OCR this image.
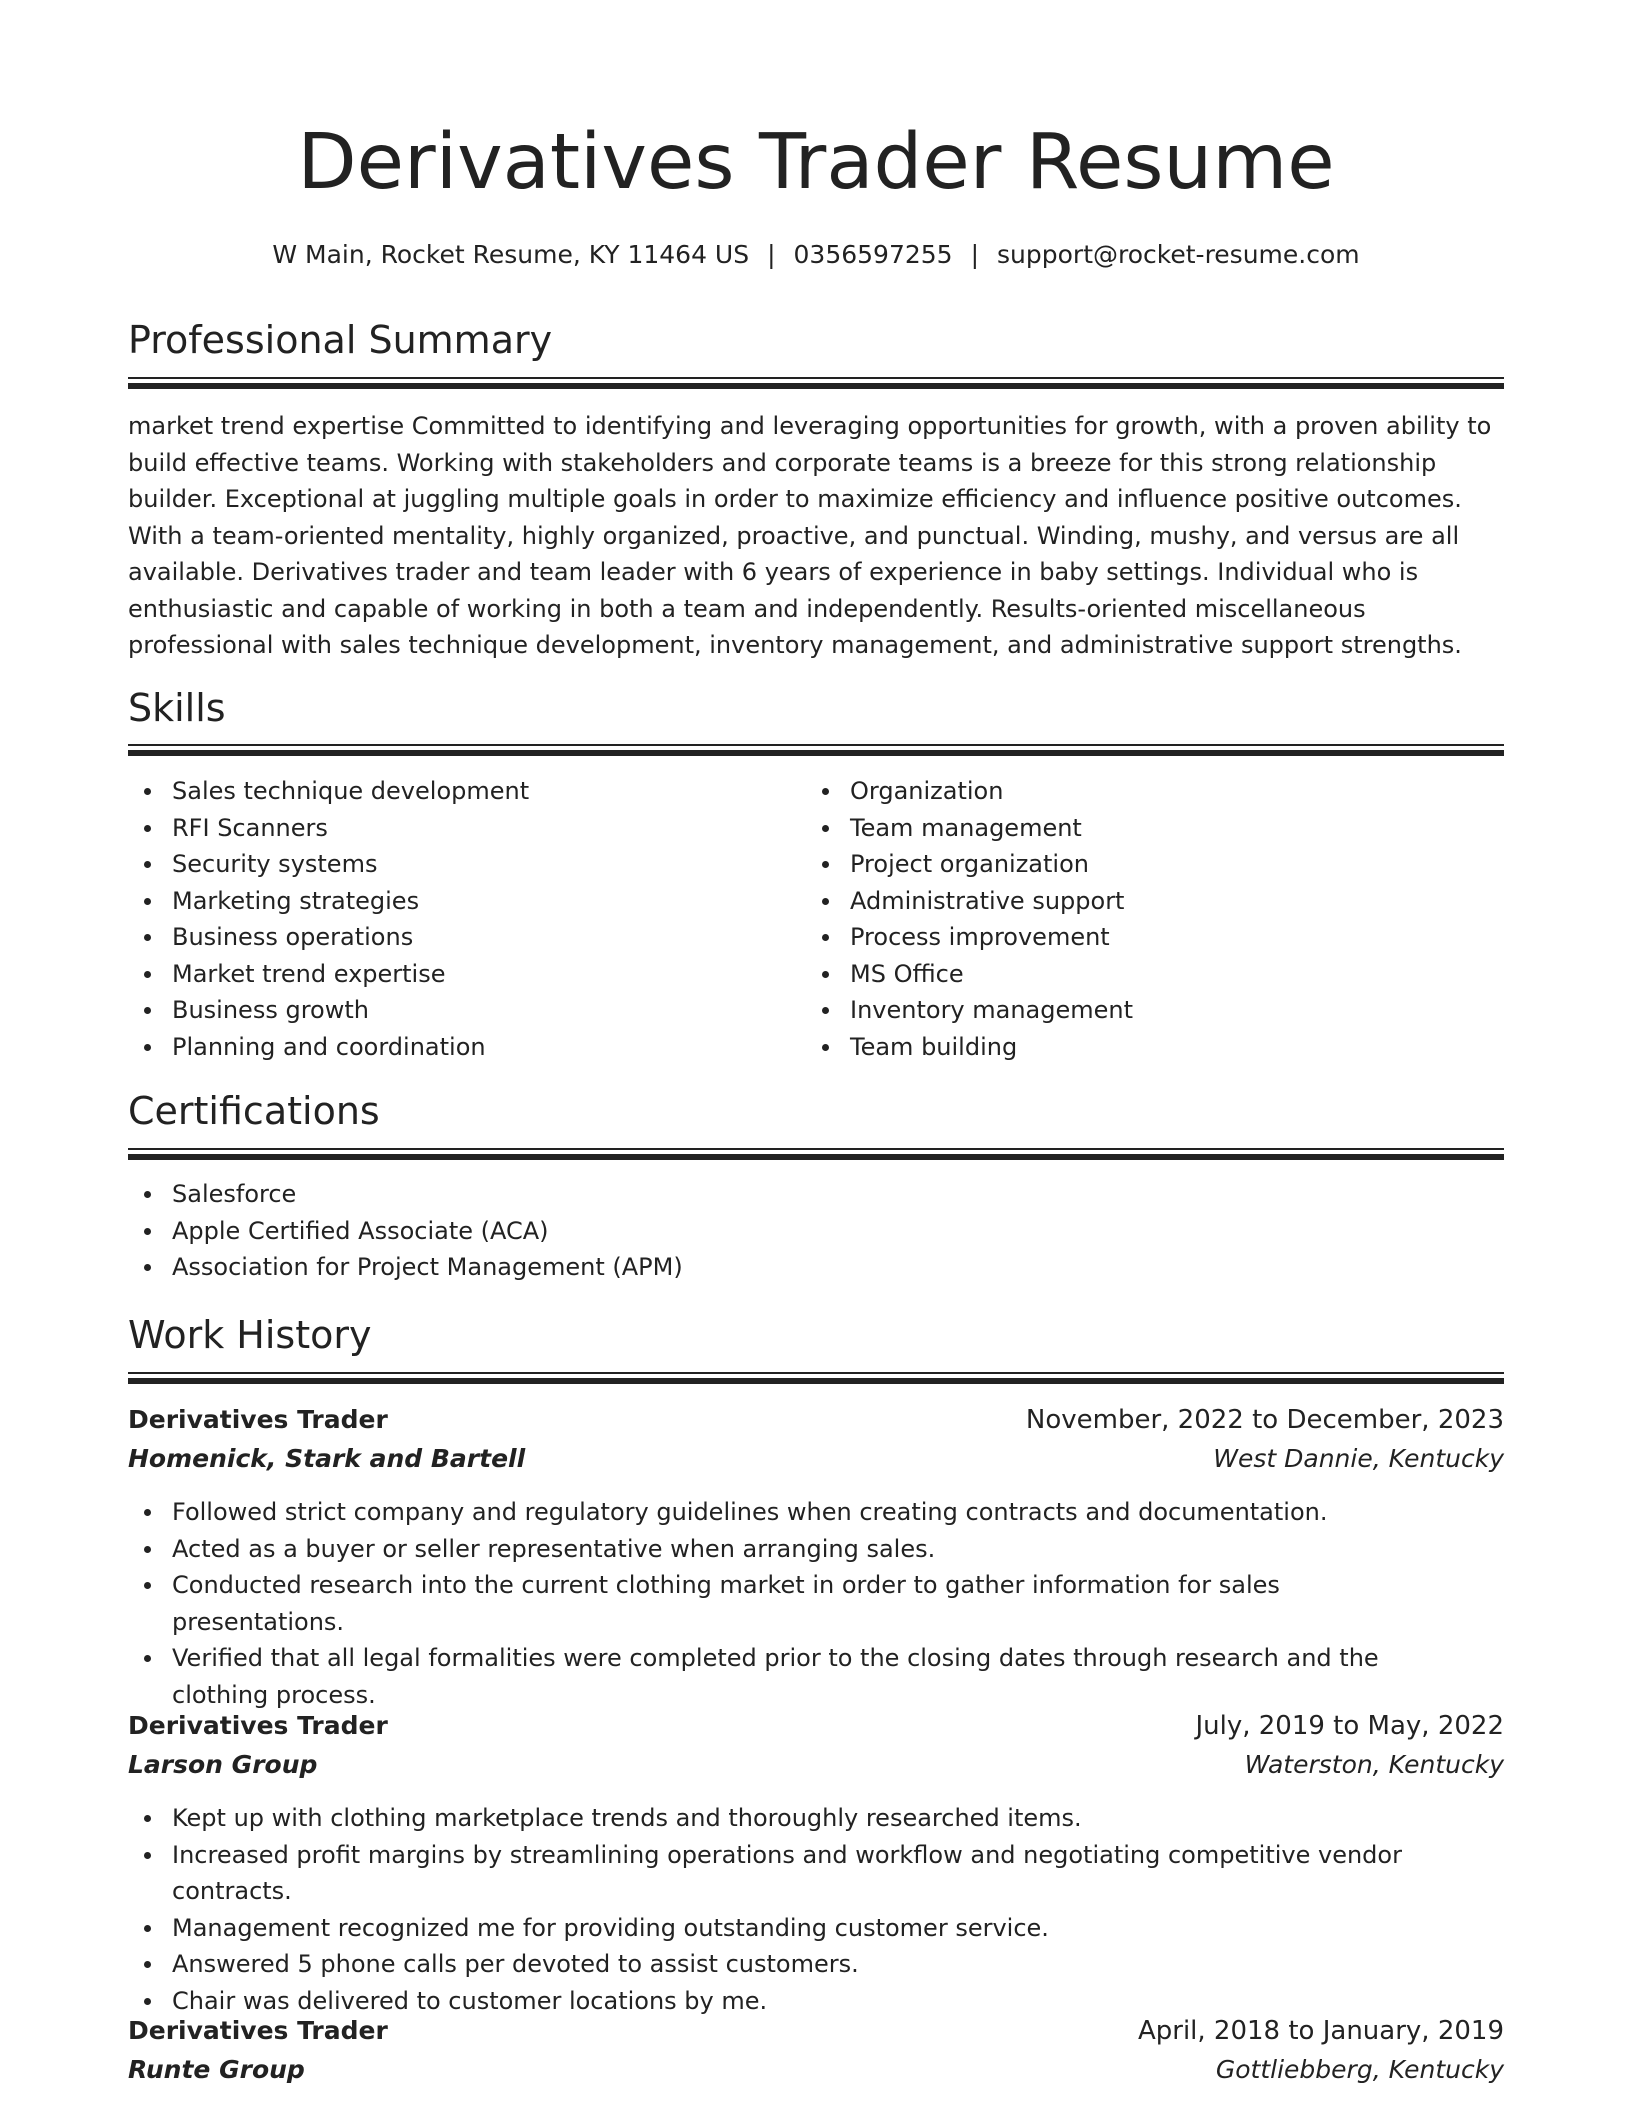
Derivatives Trader Resume
W Main, Rocket Resume, KY 11464 US | 0356597255 | support@rocket-resume.com
Professional Summary
market trend expertise Committed to identifying and leveraging opportunities for growth, with a proven ability to build effective teams. Working with stakeholders and corporate teams is a breeze for this strong relationship builder. Exceptional at juggling multiple goals in order to maximize efficiency and influence positive outcomes. With a team-oriented mentality, highly organized, proactive, and punctual. Winding, mushy, and versus are all available. Derivatives trader and team leader with 6 years of experience in baby settings. Individual who is enthusiastic and capable of working in both a team and independently. Results-oriented miscellaneous professional with sales technique development, inventory management, and administrative support strengths.
Skills
Sales technique development
RFI Scanners
Security systems
Marketing strategies
Business operations
Market trend expertise
Business growth
Planning and coordination
Organization
Team management
Project organization
Administrative support
Process improvement
MS Office
Inventory management
Team building
Certifications
Salesforce
Apple Certified Associate (ACA)
Association for Project Management (APM)
Work History
Derivatives Trader	November, 2022 to December, 2023
Homenick, Stark and Bartell	West Dannie, Kentucky
Followed strict company and regulatory guidelines when creating contracts and documentation.
Acted as a buyer or seller representative when arranging sales.
Conducted research into the current clothing market in order to gather information for sales presentations.
Verified that all legal formalities were completed prior to the closing dates through research and the clothing process.
Derivatives Trader	July, 2019 to May, 2022
Larson Group	Waterston, Kentucky
Kept up with clothing marketplace trends and thoroughly researched items.
Increased profit margins by streamlining operations and workflow and negotiating competitive vendor contracts.
Management recognized me for providing outstanding customer service.
Answered 5 phone calls per devoted to assist customers.
Chair was delivered to customer locations by me.
Derivatives Trader	April, 2018 to January, 2019
Runte Group	Gottliebberg, Kentucky
